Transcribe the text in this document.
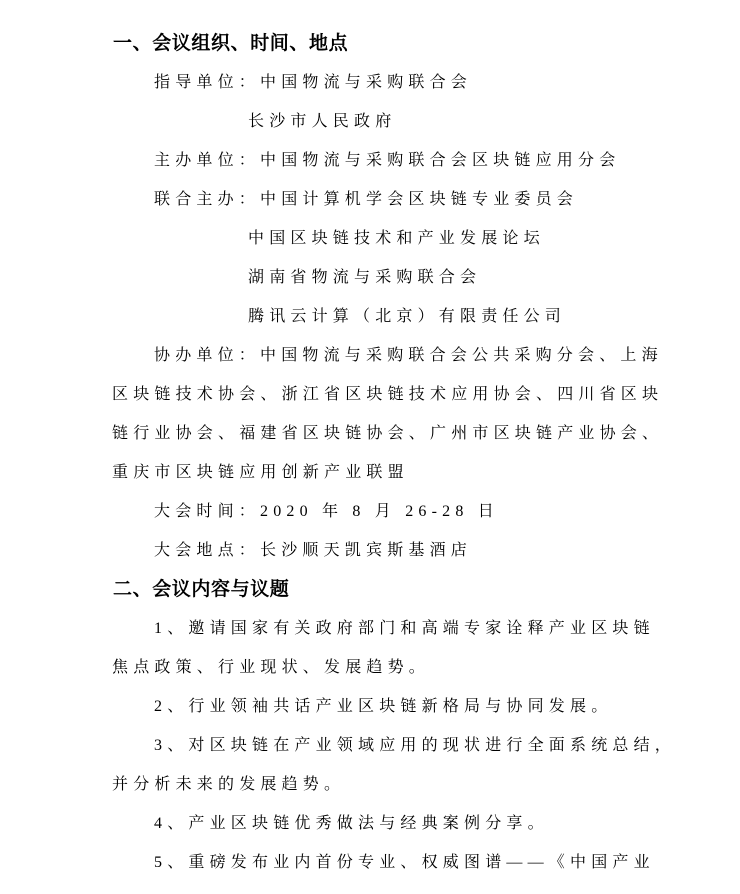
一、会议组织、时间、地点
指导单位：中国物流与采购联合会
长沙市人民政府
主办单位：中国物流与采购联合会区块链应用分会
联合主办：中国计算机学会区块链专业委员会
中国区块链技术和产业发展论坛
湖南省物流与采购联合会
腾讯云计算（北京）有限责任公司
协办单位：中国物流与采购联合会公共采购分会、上海
区块链技术协会、浙江省区块链技术应用协会、四川省区块
链行业协会、福建省区块链协会、广州市区块链产业协会、
重庆市区块链应用创新产业联盟
大会时间：2020 年 8 月 26-28 日
大会地点：长沙顺天凯宾斯基酒店
二、会议内容与议题
1、邀请国家有关政府部门和高端专家诠释产业区块链
焦点政策、行业现状、发展趋势。
2、行业领袖共话产业区块链新格局与协同发展。
3、对区块链在产业领域应用的现状进行全面系统总结，
并分析未来的发展趋势。
4、产业区块链优秀做法与经典案例分享。
5、重磅发布业内首份专业、权威图谱——《中国产业
